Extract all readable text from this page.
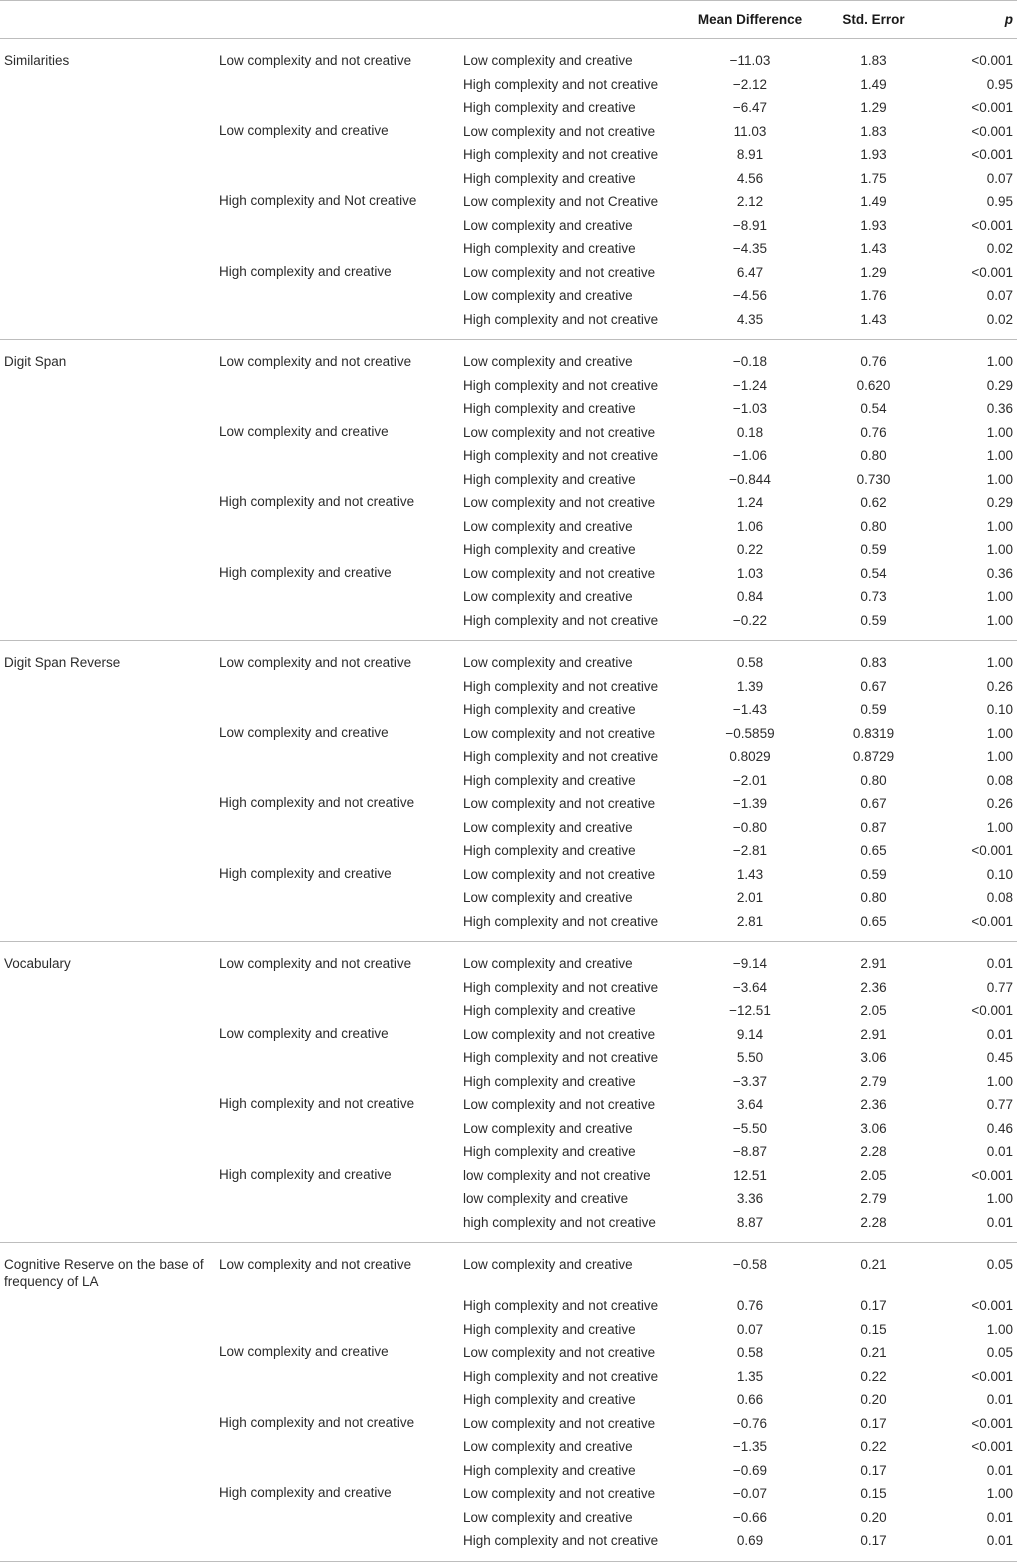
			Mean Difference	Std. Error	p
Similarities	Low complexity and not creative	Low complexity and creative	−11.03	1.83	<0.001
		High complexity and not creative	−2.12	1.49	0.95
		High complexity and creative	−6.47	1.29	<0.001
	Low complexity and creative	Low complexity and not creative	11.03	1.83	<0.001
		High complexity and not creative	8.91	1.93	<0.001
		High complexity and creative	4.56	1.75	0.07
	High complexity and Not creative	Low complexity and not Creative	2.12	1.49	0.95
		Low complexity and creative	−8.91	1.93	<0.001
		High complexity and creative	−4.35	1.43	0.02
	High complexity and creative	Low complexity and not creative	6.47	1.29	<0.001
		Low complexity and creative	−4.56	1.76	0.07
		High complexity and not creative	4.35	1.43	0.02
Digit Span	Low complexity and not creative	Low complexity and creative	−0.18	0.76	1.00
		High complexity and not creative	−1.24	0.620	0.29
		High complexity and creative	−1.03	0.54	0.36
	Low complexity and creative	Low complexity and not creative	0.18	0.76	1.00
		High complexity and not creative	−1.06	0.80	1.00
		High complexity and creative	−0.844	0.730	1.00
	High complexity and not creative	Low complexity and not creative	1.24	0.62	0.29
		Low complexity and creative	1.06	0.80	1.00
		High complexity and creative	0.22	0.59	1.00
	High complexity and creative	Low complexity and not creative	1.03	0.54	0.36
		Low complexity and creative	0.84	0.73	1.00
		High complexity and not creative	−0.22	0.59	1.00
Digit Span Reverse	Low complexity and not creative	Low complexity and creative	0.58	0.83	1.00
		High complexity and not creative	1.39	0.67	0.26
		High complexity and creative	−1.43	0.59	0.10
	Low complexity and creative	Low complexity and not creative	−0.5859	0.8319	1.00
		High complexity and not creative	0.8029	0.8729	1.00
		High complexity and creative	−2.01	0.80	0.08
	High complexity and not creative	Low complexity and not creative	−1.39	0.67	0.26
		Low complexity and creative	−0.80	0.87	1.00
		High complexity and creative	−2.81	0.65	<0.001
	High complexity and creative	Low complexity and not creative	1.43	0.59	0.10
		Low complexity and creative	2.01	0.80	0.08
		High complexity and not creative	2.81	0.65	<0.001
Vocabulary	Low complexity and not creative	Low complexity and creative	−9.14	2.91	0.01
		High complexity and not creative	−3.64	2.36	0.77
		High complexity and creative	−12.51	2.05	<0.001
	Low complexity and creative	Low complexity and not creative	9.14	2.91	0.01
		High complexity and not creative	5.50	3.06	0.45
		High complexity and creative	−3.37	2.79	1.00
	High complexity and not creative	Low complexity and not creative	3.64	2.36	0.77
		Low complexity and creative	−5.50	3.06	0.46
		High complexity and creative	−8.87	2.28	0.01
	High complexity and creative	low complexity and not creative	12.51	2.05	<0.001
		low complexity and creative	3.36	2.79	1.00
		high complexity and not creative	8.87	2.28	0.01
Cognitive Reserve on the base of frequency of LA	Low complexity and not creative	Low complexity and creative	−0.58	0.21	0.05
		High complexity and not creative	0.76	0.17	<0.001
		High complexity and creative	0.07	0.15	1.00
	Low complexity and creative	Low complexity and not creative	0.58	0.21	0.05
		High complexity and not creative	1.35	0.22	<0.001
		High complexity and creative	0.66	0.20	0.01
	High complexity and not creative	Low complexity and not creative	−0.76	0.17	<0.001
		Low complexity and creative	−1.35	0.22	<0.001
		High complexity and creative	−0.69	0.17	0.01
	High complexity and creative	Low complexity and not creative	−0.07	0.15	1.00
		Low complexity and creative	−0.66	0.20	0.01
		High complexity and not creative	0.69	0.17	0.01
